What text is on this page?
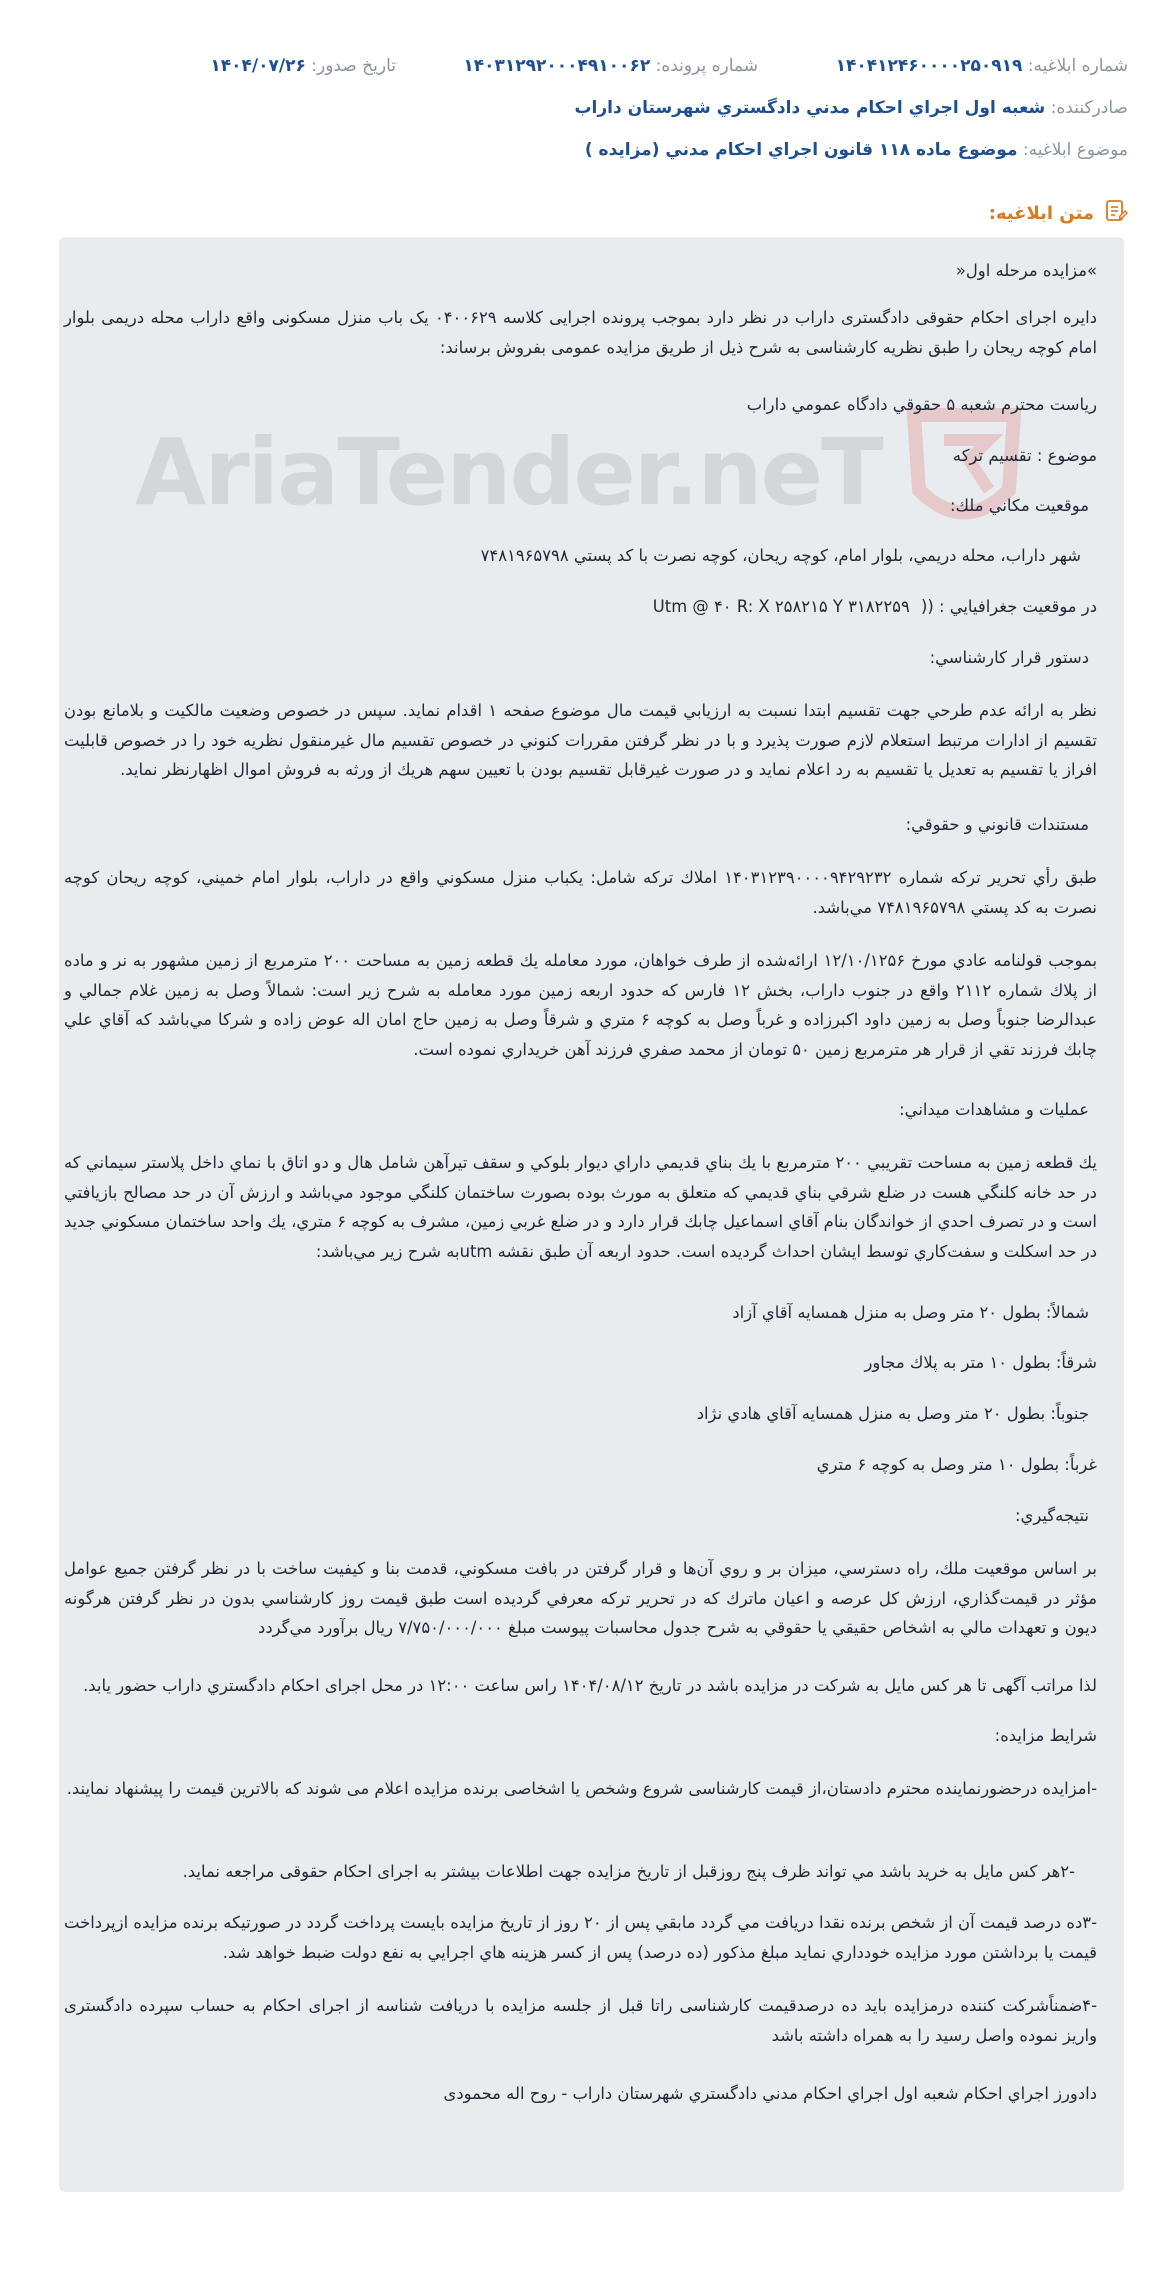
شماره ابلاغیه: ۱۴۰۴۱۲۴۶۰۰۰۰۲۵۰۹۱۹
شماره پرونده: ۱۴۰۳۱۲۹۲۰۰۰۴۹۱۰۰۶۲
تاریخ صدور: ۱۴۰۴/۰۷/۲۶
صادرکننده: شعبه اول اجراي احكام مدني دادگستري شهرستان داراب
موضوع ابلاغیه: موضوع ماده ۱۱۸ قانون اجراي احكام مدني (مزايده )
متن ابلاغیه:
AriaTender.neT
»مزایده مرحله اول«
دایره اجرای احکام حقوقی دادگستری داراب در نظر دارد بموجب پرونده اجرایی کلاسه ۰۴۰۰۶۲۹ یک باب منزل مسکونی واقع داراب محله دریمی بلوار امام کوچه ریحان را طبق نظریه کارشناسی به شرح ذیل از طریق مزایده عمومی بفروش برساند:
رياست محترم شعبه ۵ حقوقي دادگاه عمومي داراب
موضوع : تقسيم تركه
موقعيت مكاني ملك:
شهر داراب، محله دريمي، بلوار امام، كوچه ريحان، كوچه نصرت با كد پستي ۷۴۸۱۹۶۵۷۹۸
در موقعيت جغرافيايي : (( Utm @ ۴۰ R: X ۲۵۸۲۱۵ Y ۳۱۸۲۲۵۹
دستور قرار كارشناسي:
نظر به ارائه عدم طرحي جهت تقسيم ابتدا نسبت به ارزيابي قيمت مال موضوع صفحه ۱ اقدام نمايد. سپس در خصوص وضعيت مالكيت و بلامانع بودن تقسيم از ادارات مرتبط استعلام لازم صورت پذيرد و با در نظر گرفتن مقررات كنوني در خصوص تقسيم مال غيرمنقول نظريه خود را در خصوص قابليت افراز يا تقسيم به تعديل يا تقسيم به رد اعلام نمايد و در صورت غيرقابل تقسيم بودن با تعيين سهم هريك از ورثه به فروش اموال اظهارنظر نمايد.
مستندات قانوني و حقوقي:
طبق رأي تحرير تركه شماره ۱۴۰۳۱۲۳۹۰۰۰۰۹۴۲۹۲۳۲ املاك تركه شامل: يكباب منزل مسكوني واقع در داراب، بلوار امام خميني، كوچه ريحان كوچه نصرت به كد پستي ۷۴۸۱۹۶۵۷۹۸ مي‌باشد.
بموجب قولنامه عادي مورخ ۱۲/۱۰/۱۲۵۶ ارائه‌شده از طرف خواهان، مورد معامله يك قطعه زمين به مساحت ۲۰۰ مترمربع از زمين مشهور به نر و ماده از پلاك شماره ۲۱۱۲ واقع در جنوب داراب، بخش ۱۲ فارس كه حدود اربعه زمين مورد معامله به شرح زير است: شمالاً وصل به زمين غلام جمالي و عبدالرضا جنوباً وصل به زمين داود اكبرزاده و غرباً وصل به كوچه ۶ متري و شرقاً وصل به زمين حاج امان اله عوض زاده و شركا مي‌باشد كه آقاي علي چابك فرزند تقي از قرار هر مترمربع زمين ۵۰ تومان از محمد صفري فرزند آهن خريداري نموده است.
عمليات و مشاهدات ميداني:
يك قطعه زمين به مساحت تقريبي ۲۰۰ مترمربع با يك بناي قديمي داراي ديوار بلوكي و سقف تيرآهن شامل هال و دو اتاق با نماي داخل پلاستر سيماني كه در حد خانه كلنگي هست در ضلع شرقي بناي قديمي كه متعلق به مورث بوده بصورت ساختمان كلنگي موجود مي‌باشد و ارزش آن در حد مصالح بازيافتي است و در تصرف احدي از خواندگان بنام آقاي اسماعيل چابك قرار دارد و در ضلع غربي زمين، مشرف به كوچه ۶ متري، يك واحد ساختمان مسكوني جديد در حد اسكلت و سفت‌كاري توسط ايشان احداث گرديده است. حدود اربعه آن طبق نقشه utmبه شرح زير مي‌باشد:
شمالاً: بطول ۲۰ متر وصل به منزل همسايه آقاي آزاد
شرقاً: بطول ۱۰ متر به پلاك مجاور
جنوباً: بطول ۲۰ متر وصل به منزل همسايه آقاي هادي نژاد
غرباً: بطول ۱۰ متر وصل به كوچه ۶ متري
نتيجه‌گيري:
بر اساس موقعيت ملك، راه دسترسي، ميزان بر و روي آن‌ها و قرار گرفتن در بافت مسكوني، قدمت بنا و كيفيت ساخت با در نظر گرفتن جميع عوامل مؤثر در قيمت‌گذاري، ارزش كل عرصه و اعيان ماترك كه در تحرير تركه معرفي گرديده است طبق قيمت روز كارشناسي بدون در نظر گرفتن هرگونه ديون و تعهدات مالي به اشخاص حقيقي يا حقوقي به شرح جدول محاسبات پيوست مبلغ ۷/۷۵۰/۰۰۰/۰۰۰ ريال برآورد مي‌گردد
لذا مراتب آگهی تا هر کس مایل به شرکت در مزایده باشد در تاریخ ۱۴۰۴/۰۸/۱۲ راس ساعت ۱۲:۰۰ در محل اجرای احکام دادگستري داراب حضور یابد.
شرايط مزايده:
-امزایده درحضورنماینده محترم دادستان،از قیمت کارشناسی شروع وشخص یا اشخاصی برنده مزایده اعلام می شوند که بالاترین قیمت را پیشنهاد نمایند.
-۲هر كس مايل به خريد باشد مي تواند ظرف پنج روزقبل از تاريخ مزايده جهت اطلاعات بيشتر به اجرای احکام حقوقی مراجعه نمايد.
-۳ده درصد قيمت آن از شخص برنده نقدا دريافت مي گردد مابقي پس از ۲۰ روز از تاريخ مزايده بايست پرداخت گردد در صورتيكه برنده مزايده ازپرداخت قيمت يا برداشتن مورد مزايده خودداري نمايد مبلغ مذكور (ده درصد) پس از كسر هزينه هاي اجرايي به نفع دولت ضبط خواهد شد.
-۴ضمناًشرکت کننده درمزایده باید ده درصدقیمت کارشناسی راتا قبل از جلسه مزایده با دریافت شناسه از اجرای احکام به حساب سپرده دادگستری واریز نموده واصل رسید را به همراه داشته باشد
دادورز اجراي احكام شعبه اول اجراي احكام مدني دادگستري شهرستان داراب - روح اله محمودی
